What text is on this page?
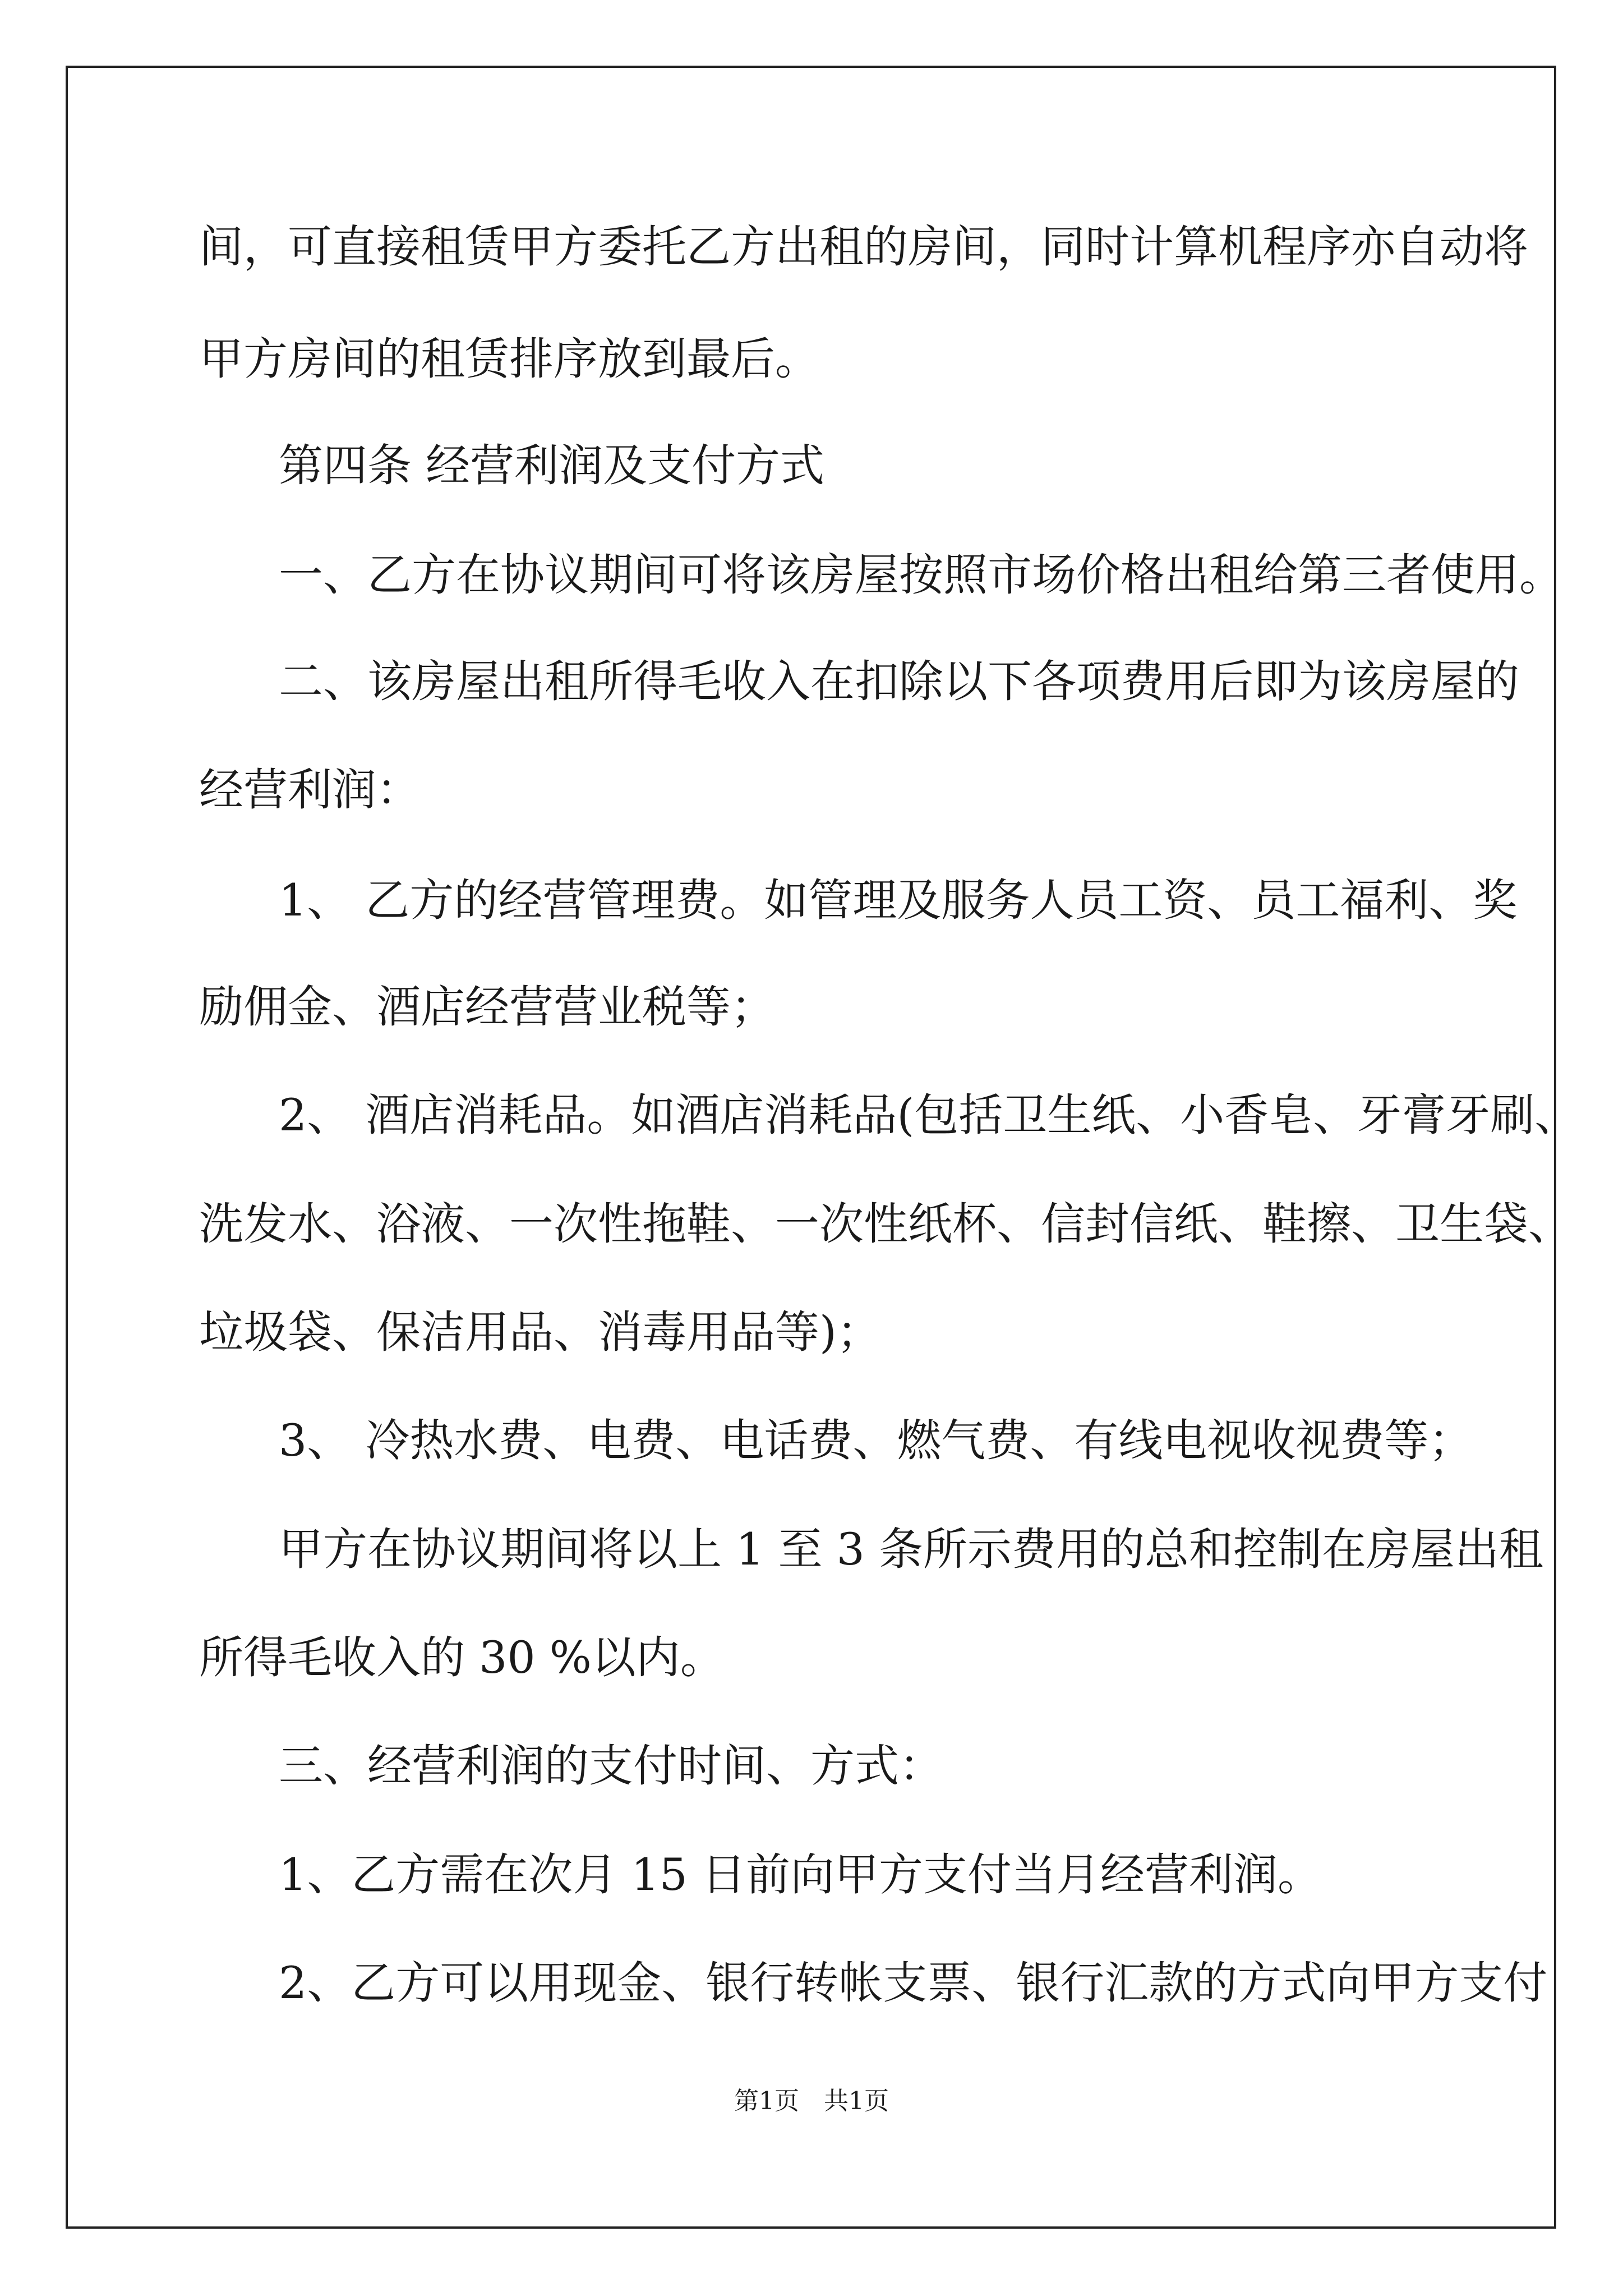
间，可直接租赁甲方委托乙方出租的房间，同时计算机程序亦自动将
甲方房间的租赁排序放到最后。
第四条 经营利润及支付方式
一、乙方在协议期间可将该房屋按照市场价格出租给第三者使用。
二、该房屋出租所得毛收入在扣除以下各项费用后即为该房屋的
经营利润：
1、 乙方的经营管理费。如管理及服务人员工资、员工福利、奖
励佣金、酒店经营营业税等；
2、 酒店消耗品。如酒店消耗品(包括卫生纸、小香皂、牙膏牙刷、
洗发水、浴液、一次性拖鞋、一次性纸杯、信封信纸、鞋擦、卫生袋、
垃圾袋、保洁用品、消毒用品等)；
3、 冷热水费、电费、电话费、燃气费、有线电视收视费等；
甲方在协议期间将以上 1 至 3 条所示费用的总和控制在房屋出租
所得毛收入的 30 %以内。
三、经营利润的支付时间、方式：
1、乙方需在次月 15 日前向甲方支付当月经营利润。
2、乙方可以用现金、银行转帐支票、银行汇款的方式向甲方支付
第1页　共1页
